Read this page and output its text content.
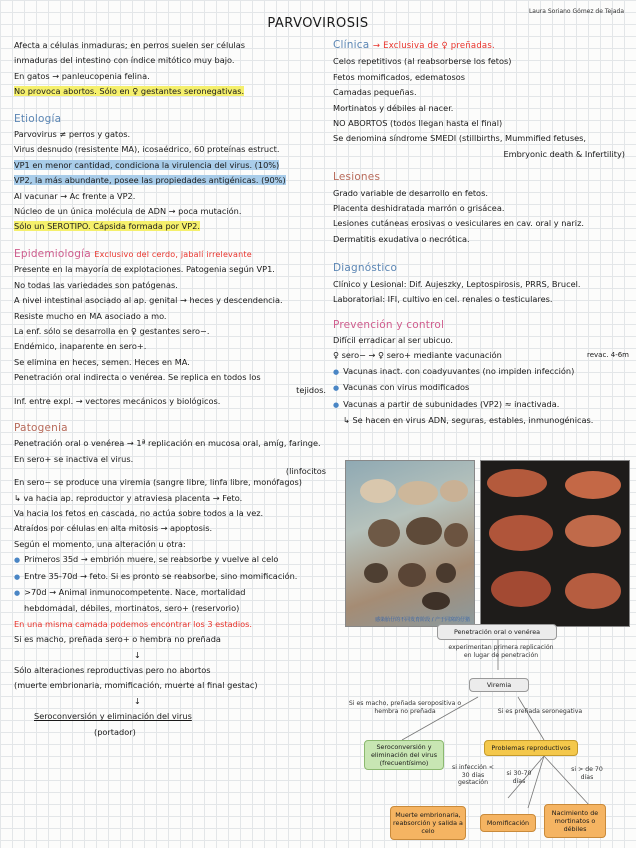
PARVOVIROSIS
Laura Soriano Gómez de Tejada
Afecta a células inmaduras; en perros suelen ser células
inmaduras del intestino con índice mitótico muy bajo.
En gatos → panleucopenia felina.
No provoca abortos. Sólo en ♀ gestantes seronegativas.
Etiología
Parvovirus ≠ perros y gatos.
Virus desnudo (resistente MA), icosaédrico, 60 proteínas estruct.
VP1 en menor cantidad, condiciona la virulencia del virus. (10%)
VP2, la más abundante, posee las propiedades antigénicas. (90%)
Al vacunar → Ac frente a VP2.
Núcleo de un única molécula de ADN → poca mutación.
Sólo un SEROTIPO. Cápsida formada por VP2.
Epidemiología Exclusivo del cerdo, jabalí irrelevante
Presente en la mayoría de explotaciones. Patogenia según VP1.
No todas las variedades son patógenas.
A nivel intestinal asociado al ap. genital → heces y descendencia.
Resiste mucho en MA asociado a mo.
La enf. sólo se desarrolla en ♀ gestantes sero−.
Endémico, inaparente en sero+.
Se elimina en heces, semen. Heces en MA.
Penetración oral indirecta o venérea. Se replica en todos los
tejidos.
Inf. entre expl. → vectores mecánicos y biológicos.
Patogenia
Penetración oral o venérea → 1ª replicación en mucosa oral, amíg, faringe.
En sero+ se inactiva el virus.
(linfocitos
En sero− se produce una viremia (sangre libre, linfa libre, monófagos)
↳ va hacia ap. reproductor y atraviesa placenta → Feto.
Va hacia los fetos en cascada, no actúa sobre todos a la vez.
Atraídos por células en alta mitosis → apoptosis.
Según el momento, una alteración u otra:
● Primeros 35d → embrión muere, se reabsorbe y vuelve al celo
● Entre 35-70d → feto. Si es pronto se reabsorbe, sino momificación.
● >70d → Animal inmunocompetente. Nace, mortalidad
hebdomadal, débiles, mortinatos, sero+ (reservorio)
En una misma camada podemos encontrar los 3 estadios.
Si es macho, preñada sero+ o hembra no preñada
↓
Sólo alteraciones reproductivas pero no abortos
(muerte embrionaria, momificación, muerte al final gestac)
↓
Seroconversión y eliminación del virus
(portador)
Clínica → Exclusiva de ♀ preñadas.
Celos repetitivos (al reabsorberse los fetos)
Fetos momificados, edematosos
Camadas pequeñas.
Mortinatos y débiles al nacer.
NO ABORTOS (todos llegan hasta el final)
Se denomina síndrome SMEDI (stillbirths, Mummified fetuses,
Embryonic death & Infertility)
Lesiones
Grado variable de desarrollo en fetos.
Placenta deshidratada marrón o grisácea.
Lesiones cutáneas erosivas o vesiculares en cav. oral y nariz.
Dermatitis exudativa o necrótica.
Diagnóstico
Clínico y Lesional: Dif. Aujeszky, Leptospirosis, PRRS, Brucel.
Laboratorial: IFI, cultivo en cel. renales o testiculares.
Prevención y control
Difícil erradicar al ser ubicuo.
♀ sero− → ♀ sero+ mediante vacunación	revac. 4-6m
● Vacunas inact. con coadyuvantes (no impiden infección)
● Vacunas con virus modificados
● Vacunas a partir de subunidades (VP2) ≈ inactivada.
↳ Se hacen en virus ADN, seguras, estables, inmunogénicas.
感染胎仔的不同发育阶段 / 产于同窝的仔猪
Penetración oral o venérea
experimentan primera replicación en lugar de penetración
Viremia
Si es macho, preñada seropositiva o hembra no preñada	Si es preñada seronegativa
Seroconversión y eliminación del virus (frecuentísimo)
Problemas reproductivos
si infección < 30 días gestación
si 30-70 días
si > de 70 días
Muerte embrionaria, reabsorción y salida a celo
Momificación
Nacimiento de mortinatos o débiles
